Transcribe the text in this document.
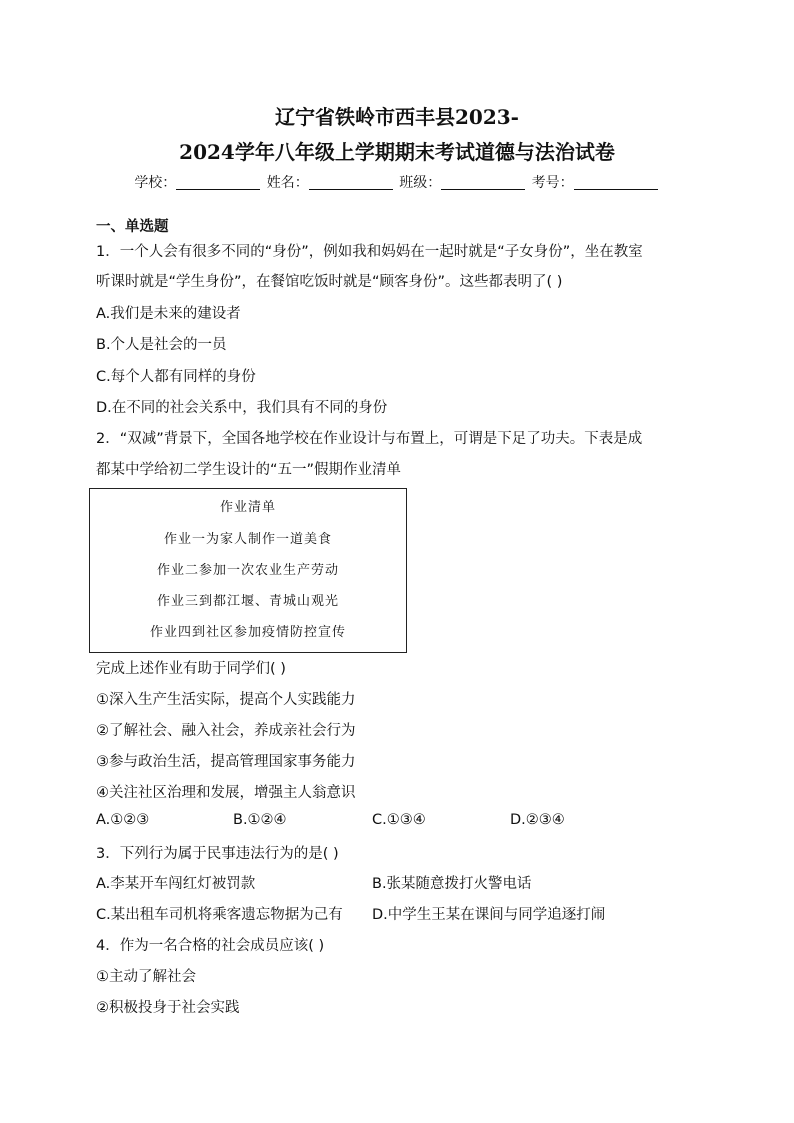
辽宁省铁岭市西丰县2023-
2024学年八年级上学期期末考试道德与法治试卷
学校：	姓名：	班级：	考号：
一、单选题
1．一个人会有很多不同的“身份”，例如我和妈妈在一起时就是“子女身份”，坐在教室
听课时就是“学生身份”，在餐馆吃饭时就是“顾客身份”。这些都表明了( )
A.我们是未来的建设者
B.个人是社会的一员
C.每个人都有同样的身份
D.在不同的社会关系中，我们具有不同的身份
2．“双减”背景下，全国各地学校在作业设计与布置上，可谓是下足了功夫。下表是成
都某中学给初二学生设计的“五一”假期作业清单
作业清单
作业一为家人制作一道美食
作业二参加一次农业生产劳动
作业三到都江堰、青城山观光
作业四到社区参加疫情防控宣传
完成上述作业有助于同学们( )
①深入生产生活实际，提高个人实践能力
②了解社会、融入社会，养成亲社会行为
③参与政治生活，提高管理国家事务能力
④关注社区治理和发展，增强主人翁意识
A.①②③	B.①②④	C.①③④	D.②③④
3．下列行为属于民事违法行为的是( )
A.李某开车闯红灯被罚款	B.张某随意拨打火警电话
C.某出租车司机将乘客遗忘物据为己有 D.中学生王某在课间与同学追逐打闹
4．作为一名合格的社会成员应该( )
①主动了解社会
②积极投身于社会实践
